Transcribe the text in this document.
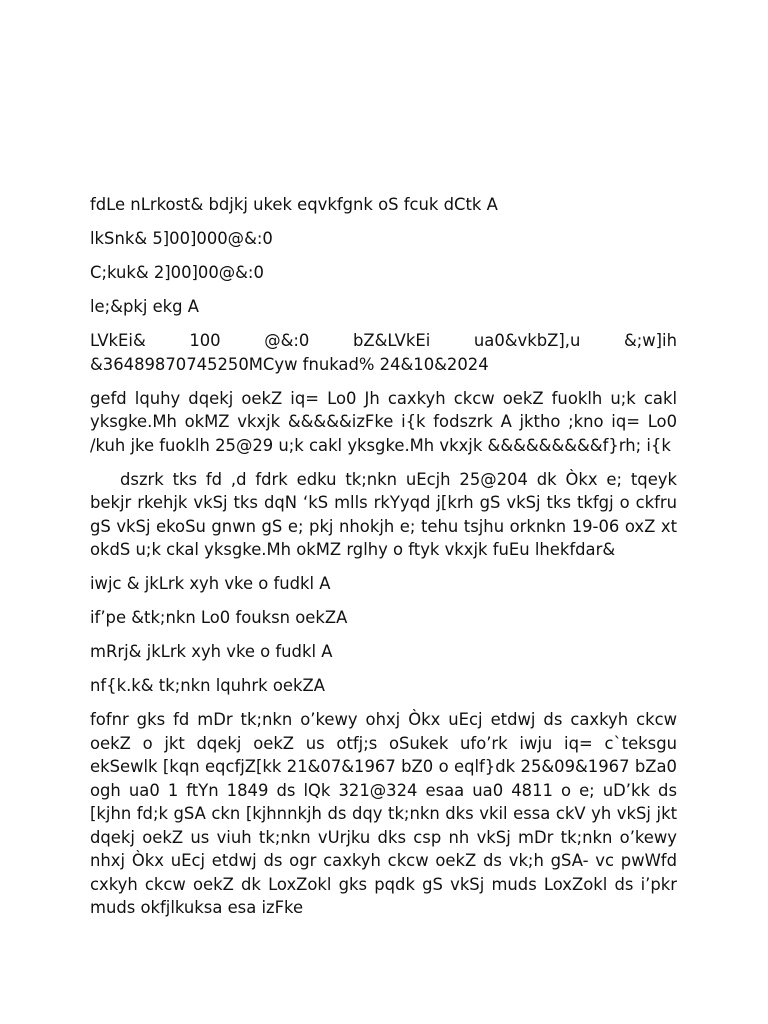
fdLe nLrkost& bdjkj ukek eqvkfgnk oS fcuk dCtk A

lkSnk& 5]00]000@&:0

C;kuk& 2]00]00@&:0

le;&pkj ekg A

LVkEi&	100	@&:0	bZ&LVkEi	ua0&vkbZ],u	&;w]ih
&36489870745250MCyw fnukad% 24&10&2024

gefd lquhy dqekj oekZ iq= Lo0 Jh caxkyh ckcw oekZ fuoklh u;k cakl yksgke.Mh okMZ vkxjk &&&&&izFke i{k fodszrk A jktho ;kno iq= Lo0 /kuh jke fuoklh 25@29 u;k cakl yksgke.Mh vkxjk &&&&&&&&&f}rh; i{k

dszrk tks fd ,d fdrk edku tk;nkn uEcjh 25@204 dk Òkx e; tqeyk bekjr rkehjk vkSj tks dqN ‘kS mlls rkYyqd j[krh gS vkSj tks tkfgj o ckfru gS vkSj ekoSu gnwn gS e; pkj nhokjh e; tehu tsjhu orknkn 19-06 oxZ xt okdS u;k ckal yksgke.Mh okMZ rglhy o ftyk vkxjk fuEu lhekfdar&

iwjc & jkLrk xyh vke o fudkl A

if’pe &tk;nkn Lo0 fouksn oekZA

mRrj& jkLrk xyh vke o fudkl A

nf{k.k& tk;nkn lquhrk oekZA

fofnr gks fd mDr tk;nkn o’kewy ohxj Òkx uEcj etdwj ds caxkyh ckcw oekZ o jkt dqekj oekZ us otfj;s oSukek ufo’rk iwju iq= c`teksgu ekSewlk [kqn eqcfjZ[kk 21&07&1967 bZ0 o eqlf}dk 25&09&1967 bZa0 ogh ua0 1 ftYn 1849 ds lQk 321@324 esaa ua0 4811 o e; uD’kk ds [kjhn fd;k gSA ckn [kjhnnkjh ds dqy tk;nkn dks vkil essa ckV yh vkSj jkt dqekj oekZ us viuh tk;nkn vUrjku dks csp nh vkSj mDr tk;nkn o’kewy nhxj Òkx uEcj etdwj ds ogr caxkyh ckcw oekZ ds vk;h gSA- vc pwWfd cxkyh ckcw oekZ dk LoxZokl gks pqdk gS vkSj muds LoxZokl ds i’pkr muds okfjlkuksa esa izFke
